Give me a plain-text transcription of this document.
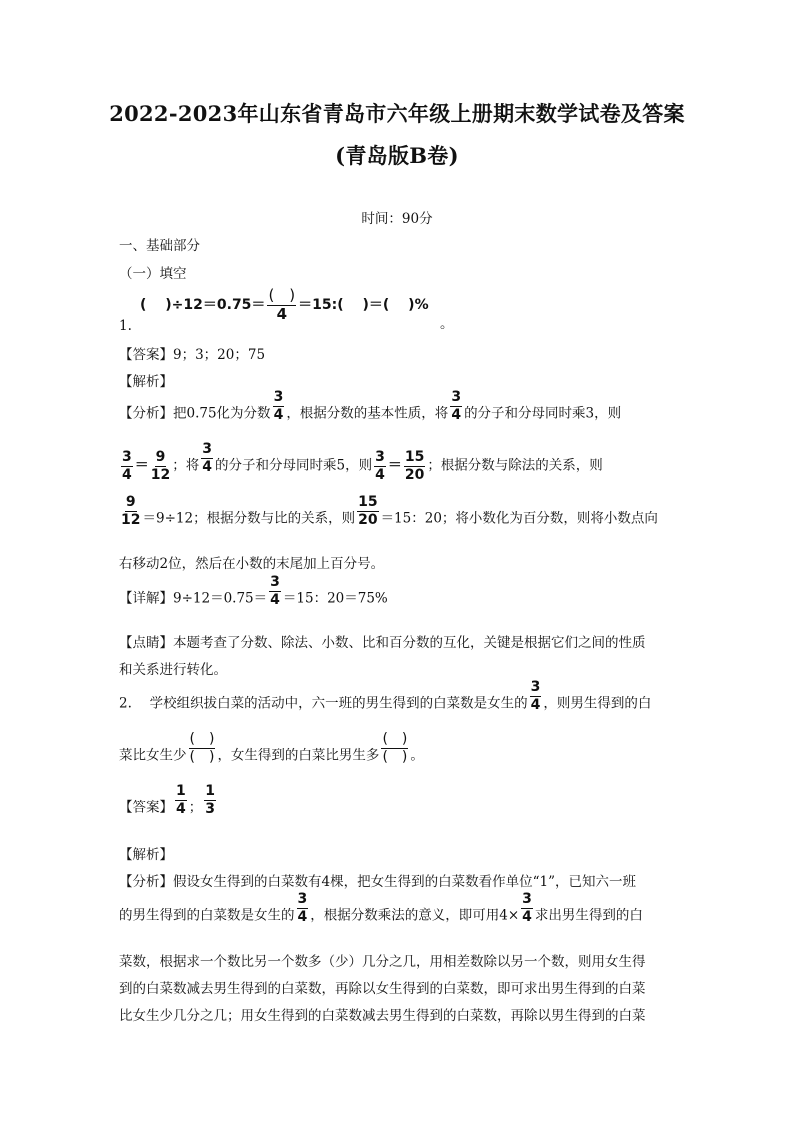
2022-2023年山东省青岛市六年级上册期末数学试卷及答案
(青岛版B卷)
时间：90分
一、基础部分
（一）填空
(　 )$\div 12=0.75= \frac{( )}{4}$ ＝15:(　 )＝(　 )%
1.	。
【答案】9；3；20；75
【解析】
【分析】把0.75化为分数 $\frac{3}{4}$ ，根据分数的基本性质，将 $\frac{3}{4}$ 的分子和分母同时乘3，则
$\frac{3}{4} = \frac{9}{12}$ ；将 $\frac{3}{4}$ 的分子和分母同时乘5，则 $\frac{3}{4} = \frac{15}{20}$ ；根据分数与除法的关系，则
$\frac{9}{12} =9\div 12$；根据分数与比的关系，则 $\frac{15}{20} =15$：20；将小数化为百分数，则将小数点向
右移动2位，然后在小数的末尾加上百分号。
【详解】$9\div 12=0.75= \frac{3}{4} =15$：20＝75%
【点睛】本题考查了分数、除法、小数、比和百分数的互化，关键是根据它们之间的性质
和关系进行转化。
2.　 学校组织拔白菜的活动中，六一班的男生得到的白菜数是女生的 $\frac{3}{4}$ ，则男生得到的白
菜比女生少 $\frac{( )}{( )}$ ，女生得到的白菜比男生多 $\frac{( )}{( )}$ 。
【答案】 $\frac{1}{4}$ ； $\frac{1}{3}$
【解析】
【分析】假设女生得到的白菜数有4棵，把女生得到的白菜数看作单位“1”，已知六一班
的男生得到的白菜数是女生的 $\frac{3}{4}$ ，根据分数乘法的意义，即可用$4\times \frac{3}{4}$ 求出男生得到的白
菜数，根据求一个数比另一个数多（少）几分之几，用相差数除以另一个数，则用女生得
到的白菜数减去男生得到的白菜数，再除以女生得到的白菜数，即可求出男生得到的白菜
比女生少几分之几；用女生得到的白菜数减去男生得到的白菜数，再除以男生得到的白菜
